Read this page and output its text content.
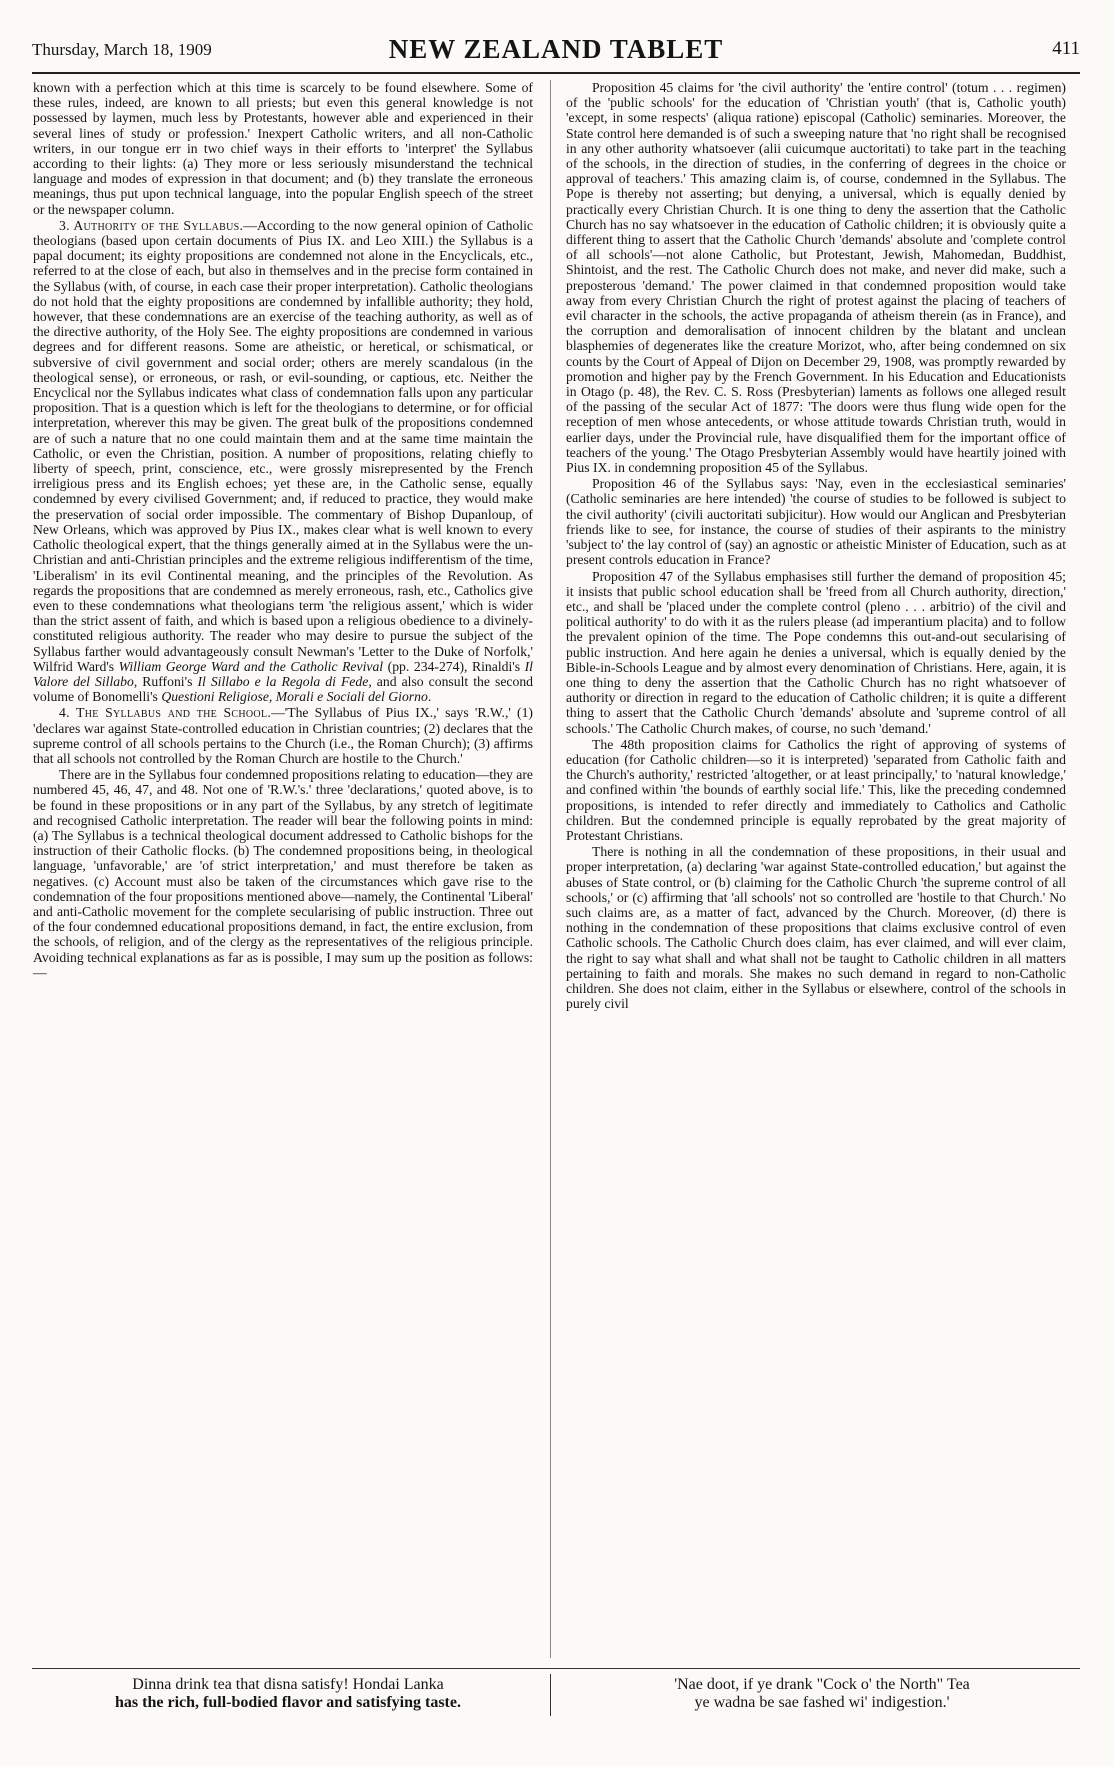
Thursday, March 18, 1909	NEW ZEALAND TABLET	411

known with a perfection which at this time is scarcely to be found elsewhere. Some of these rules, indeed, are known to all priests; but even this general knowledge is not possessed by laymen, much less by Protestants, however able and experienced in their several lines of study or profession.' Inexpert Catholic writers, and all non-Catholic writers, in our tongue err in two chief ways in their efforts to 'interpret' the Syllabus according to their lights: (a) They more or less seriously misunderstand the technical language and modes of expression in that document; and (b) they translate the erroneous meanings, thus put upon technical language, into the popular English speech of the street or the newspaper column.

3. Authority of the Syllabus.—According to the now general opinion of Catholic theologians (based upon certain documents of Pius IX. and Leo XIII.) the Syllabus is a papal document; its eighty propositions are condemned not alone in the Encyclicals, etc., referred to at the close of each, but also in themselves and in the precise form contained in the Syllabus (with, of course, in each case their proper interpretation). Catholic theologians do not hold that the eighty propositions are condemned by infallible authority; they hold, however, that these condemnations are an exercise of the teaching authority, as well as of the directive authority, of the Holy See. The eighty propositions are condemned in various degrees and for different reasons. Some are atheistic, or heretical, or schismatical, or subversive of civil government and social order; others are merely scandalous (in the theological sense), or erroneous, or rash, or evil-sounding, or captious, etc. Neither the Encyclical nor the Syllabus indicates what class of condemnation falls upon any particular proposition. That is a question which is left for the theologians to determine, or for official interpretation, wherever this may be given. The great bulk of the propositions condemned are of such a nature that no one could maintain them and at the same time maintain the Catholic, or even the Christian, position. A number of propositions, relating chiefly to liberty of speech, print, conscience, etc., were grossly misrepresented by the French irreligious press and its English echoes; yet these are, in the Catholic sense, equally condemned by every civilised Government; and, if reduced to practice, they would make the preservation of social order impossible. The commentary of Bishop Dupanloup, of New Orleans, which was approved by Pius IX., makes clear what is well known to every Catholic theological expert, that the things generally aimed at in the Syllabus were the un-Christian and anti-Christian principles and the extreme religious indifferentism of the time, 'Liberalism' in its evil Continental meaning, and the principles of the Revolution. As regards the propositions that are condemned as merely erroneous, rash, etc., Catholics give even to these condemnations what theologians term 'the religious assent,' which is wider than the strict assent of faith, and which is based upon a religious obedience to a divinely-constituted religious authority. The reader who may desire to pursue the subject of the Syllabus farther would advantageously consult Newman's 'Letter to the Duke of Norfolk,' Wilfrid Ward's William George Ward and the Catholic Revival (pp. 234-274), Rinaldi's Il Valore del Sillabo, Ruffoni's Il Sillabo e la Regola di Fede, and also consult the second volume of Bonomelli's Questioni Religiose, Morali e Sociali del Giorno.

4. The Syllabus and the School.—'The Syllabus of Pius IX.,' says 'R.W.,' (1) 'declares war against State-controlled education in Christian countries; (2) declares that the supreme control of all schools pertains to the Church (i.e., the Roman Church); (3) affirms that all schools not controlled by the Roman Church are hostile to the Church.'

There are in the Syllabus four condemned propositions relating to education—they are numbered 45, 46, 47, and 48. Not one of 'R.W.'s.' three 'declarations,' quoted above, is to be found in these propositions or in any part of the Syllabus, by any stretch of legitimate and recognised Catholic interpretation. The reader will bear the following points in mind: (a) The Syllabus is a technical theological document addressed to Catholic bishops for the instruction of their Catholic flocks. (b) The condemned propositions being, in theological language, 'unfavorable,' are 'of strict interpretation,' and must therefore be taken as negatives. (c) Account must also be taken of the circumstances which gave rise to the condemnation of the four propositions mentioned above—namely, the Continental 'Liberal' and anti-Catholic movement for the complete secularising of public instruction. Three out of the four condemned educational propositions demand, in fact, the entire exclusion, from the schools, of religion, and of the clergy as the representatives of the religious principle. Avoiding technical explanations as far as is possible, I may sum up the position as follows:—

Proposition 45 claims for 'the civil authority' the 'entire control' (totum . . . regimen) of the 'public schools' for the education of 'Christian youth' (that is, Catholic youth) 'except, in some respects' (aliqua ratione) episcopal (Catholic) seminaries. Moreover, the State control here demanded is of such a sweeping nature that 'no right shall be recognised in any other authority whatsoever (alii cuicumque auctoritati) to take part in the teaching of the schools, in the direction of studies, in the conferring of degrees in the choice or approval of teachers.' This amazing claim is, of course, condemned in the Syllabus. The Pope is thereby not asserting; but denying, a universal, which is equally denied by practically every Christian Church. It is one thing to deny the assertion that the Catholic Church has no say whatsoever in the education of Catholic children; it is obviously quite a different thing to assert that the Catholic Church 'demands' absolute and 'complete control of all schools'—not alone Catholic, but Protestant, Jewish, Mahomedan, Buddhist, Shintoist, and the rest. The Catholic Church does not make, and never did make, such a preposterous 'demand.' The power claimed in that condemned proposition would take away from every Christian Church the right of protest against the placing of teachers of evil character in the schools, the active propaganda of atheism therein (as in France), and the corruption and demoralisation of innocent children by the blatant and unclean blasphemies of degenerates like the creature Morizot, who, after being condemned on six counts by the Court of Appeal of Dijon on December 29, 1908, was promptly rewarded by promotion and higher pay by the French Government. In his Education and Educationists in Otago (p. 48), the Rev. C. S. Ross (Presbyterian) laments as follows one alleged result of the passing of the secular Act of 1877: 'The doors were thus flung wide open for the reception of men whose antecedents, or whose attitude towards Christian truth, would in earlier days, under the Provincial rule, have disqualified them for the important office of teachers of the young.' The Otago Presbyterian Assembly would have heartily joined with Pius IX. in condemning proposition 45 of the Syllabus.

Proposition 46 of the Syllabus says: 'Nay, even in the ecclesiastical seminaries' (Catholic seminaries are here intended) 'the course of studies to be followed is subject to the civil authority' (civili auctoritati subjicitur). How would our Anglican and Presbyterian friends like to see, for instance, the course of studies of their aspirants to the ministry 'subject to' the lay control of (say) an agnostic or atheistic Minister of Education, such as at present controls education in France?

Proposition 47 of the Syllabus emphasises still further the demand of proposition 45; it insists that public school education shall be 'freed from all Church authority, direction,' etc., and shall be 'placed under the complete control (pleno . . . arbitrio) of the civil and political authority' to do with it as the rulers please (ad imperantium placita) and to follow the prevalent opinion of the time. The Pope condemns this out-and-out secularising of public instruction. And here again he denies a universal, which is equally denied by the Bible-in-Schools League and by almost every denomination of Christians. Here, again, it is one thing to deny the assertion that the Catholic Church has no right whatsoever of authority or direction in regard to the education of Catholic children; it is quite a different thing to assert that the Catholic Church 'demands' absolute and 'supreme control of all schools.' The Catholic Church makes, of course, no such 'demand.'

The 48th proposition claims for Catholics the right of approving of systems of education (for Catholic children—so it is interpreted) 'separated from Catholic faith and the Church's authority,' restricted 'altogether, or at least principally,' to 'natural knowledge,' and confined within 'the bounds of earthly social life.' This, like the preceding condemned propositions, is intended to refer directly and immediately to Catholics and Catholic children. But the condemned principle is equally reprobated by the great majority of Protestant Christians.

There is nothing in all the condemnation of these propositions, in their usual and proper interpretation, (a) declaring 'war against State-controlled education,' but against the abuses of State control, or (b) claiming for the Catholic Church 'the supreme control of all schools,' or (c) affirming that 'all schools' not so controlled are 'hostile to that Church.' No such claims are, as a matter of fact, advanced by the Church. Moreover, (d) there is nothing in the condemnation of these propositions that claims exclusive control of even Catholic schools. The Catholic Church does claim, has ever claimed, and will ever claim, the right to say what shall and what shall not be taught to Catholic children in all matters pertaining to faith and morals. She makes no such demand in regard to non-Catholic children. She does not claim, either in the Syllabus or elsewhere, control of the schools in purely civil

Dinna drink tea that disna satisfy! Hondai Lanka
has the rich, full-bodied flavor and satisfying taste.
'Nae doot, if ye drank "Cock o' the North" Tea
ye wadna be sae fashed wi' indigestion.'
